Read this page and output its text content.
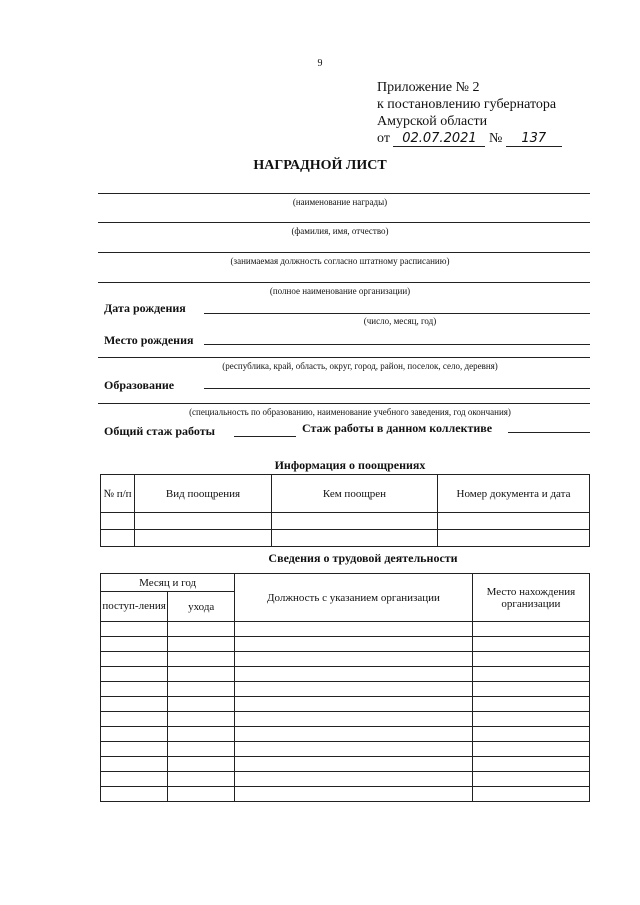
9
Приложение № 2
к постановлению губернатора
Амурской области
от 02.07.2021 № 137
НАГРАДНОЙ ЛИСТ
(наименование награды)
(фамилия, имя, отчество)
(занимаемая должность согласно штатному расписанию)
(полное наименование организации)
Дата рождения
(число, месяц, год)
Место рождения
(республика, край, область, округ, город, район, поселок, село, деревня)
Образование
(специальность по образованию, наименование учебного заведения, год окончания)
Общий стаж работы	Стаж работы в данном коллективе
Информация о поощрениях
№ п/п	Вид поощрения	Кем поощрен	Номер документа и дата

Сведения о трудовой деятельности
Месяц и год		Должность с указанием организации	Место нахождения организации
поступ-ления	ухода		
